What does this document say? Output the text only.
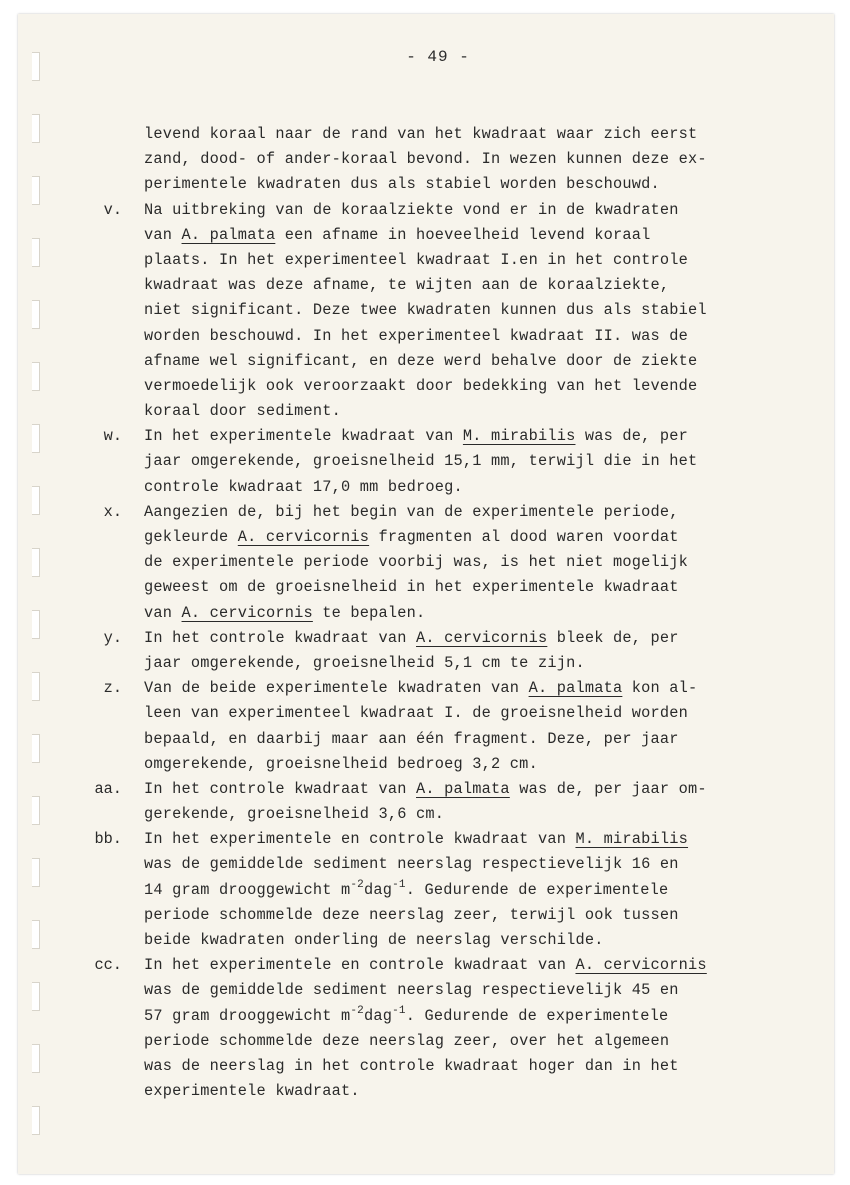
- 49 -
levend koraal naar de rand van het kwadraat waar zich eerst
zand, dood- of ander-koraal bevond. In wezen kunnen deze ex-
perimentele kwadraten dus als stabiel worden beschouwd.
v.	Na uitbreking van de koraalziekte vond er in de kwadraten
van A. palmata een afname in hoeveelheid levend koraal
plaats. In het experimenteel kwadraat I.en in het controle
kwadraat was deze afname, te wijten aan de koraalziekte,
niet significant. Deze twee kwadraten kunnen dus als stabiel
worden beschouwd. In het experimenteel kwadraat II. was de
afname wel significant, en deze werd behalve door de ziekte
vermoedelijk ook veroorzaakt door bedekking van het levende
koraal door sediment.
w.	In het experimentele kwadraat van M. mirabilis was de, per
jaar omgerekende, groeisnelheid 15,1 mm, terwijl die in het
controle kwadraat 17,0 mm bedroeg.
x.	Aangezien de, bij het begin van de experimentele periode,
gekleurde A. cervicornis fragmenten al dood waren voordat
de experimentele periode voorbij was, is het niet mogelijk
geweest om de groeisnelheid in het experimentele kwadraat
van A. cervicornis te bepalen.
y.	In het controle kwadraat van A. cervicornis bleek de, per
jaar omgerekende, groeisnelheid 5,1 cm te zijn.
z.	Van de beide experimentele kwadraten van A. palmata kon al-
leen van experimenteel kwadraat I. de groeisnelheid worden
bepaald, en daarbij maar aan één fragment. Deze, per jaar
omgerekende, groeisnelheid bedroeg 3,2 cm.
aa.	In het controle kwadraat van A. palmata was de, per jaar om-
gerekende, groeisnelheid 3,6 cm.
bb.	In het experimentele en controle kwadraat van M. mirabilis
was de gemiddelde sediment neerslag respectievelijk 16 en
14 gram drooggewicht $m^{-2}dag^{-1}$. Gedurende de experimentele
periode schommelde deze neerslag zeer, terwijl ook tussen
beide kwadraten onderling de neerslag verschilde.
cc.	In het experimentele en controle kwadraat van A. cervicornis
was de gemiddelde sediment neerslag respectievelijk 45 en
57 gram drooggewicht $m^{-2}dag^{-1}$. Gedurende de experimentele
periode schommelde deze neerslag zeer, over het algemeen
was de neerslag in het controle kwadraat hoger dan in het
experimentele kwadraat.
